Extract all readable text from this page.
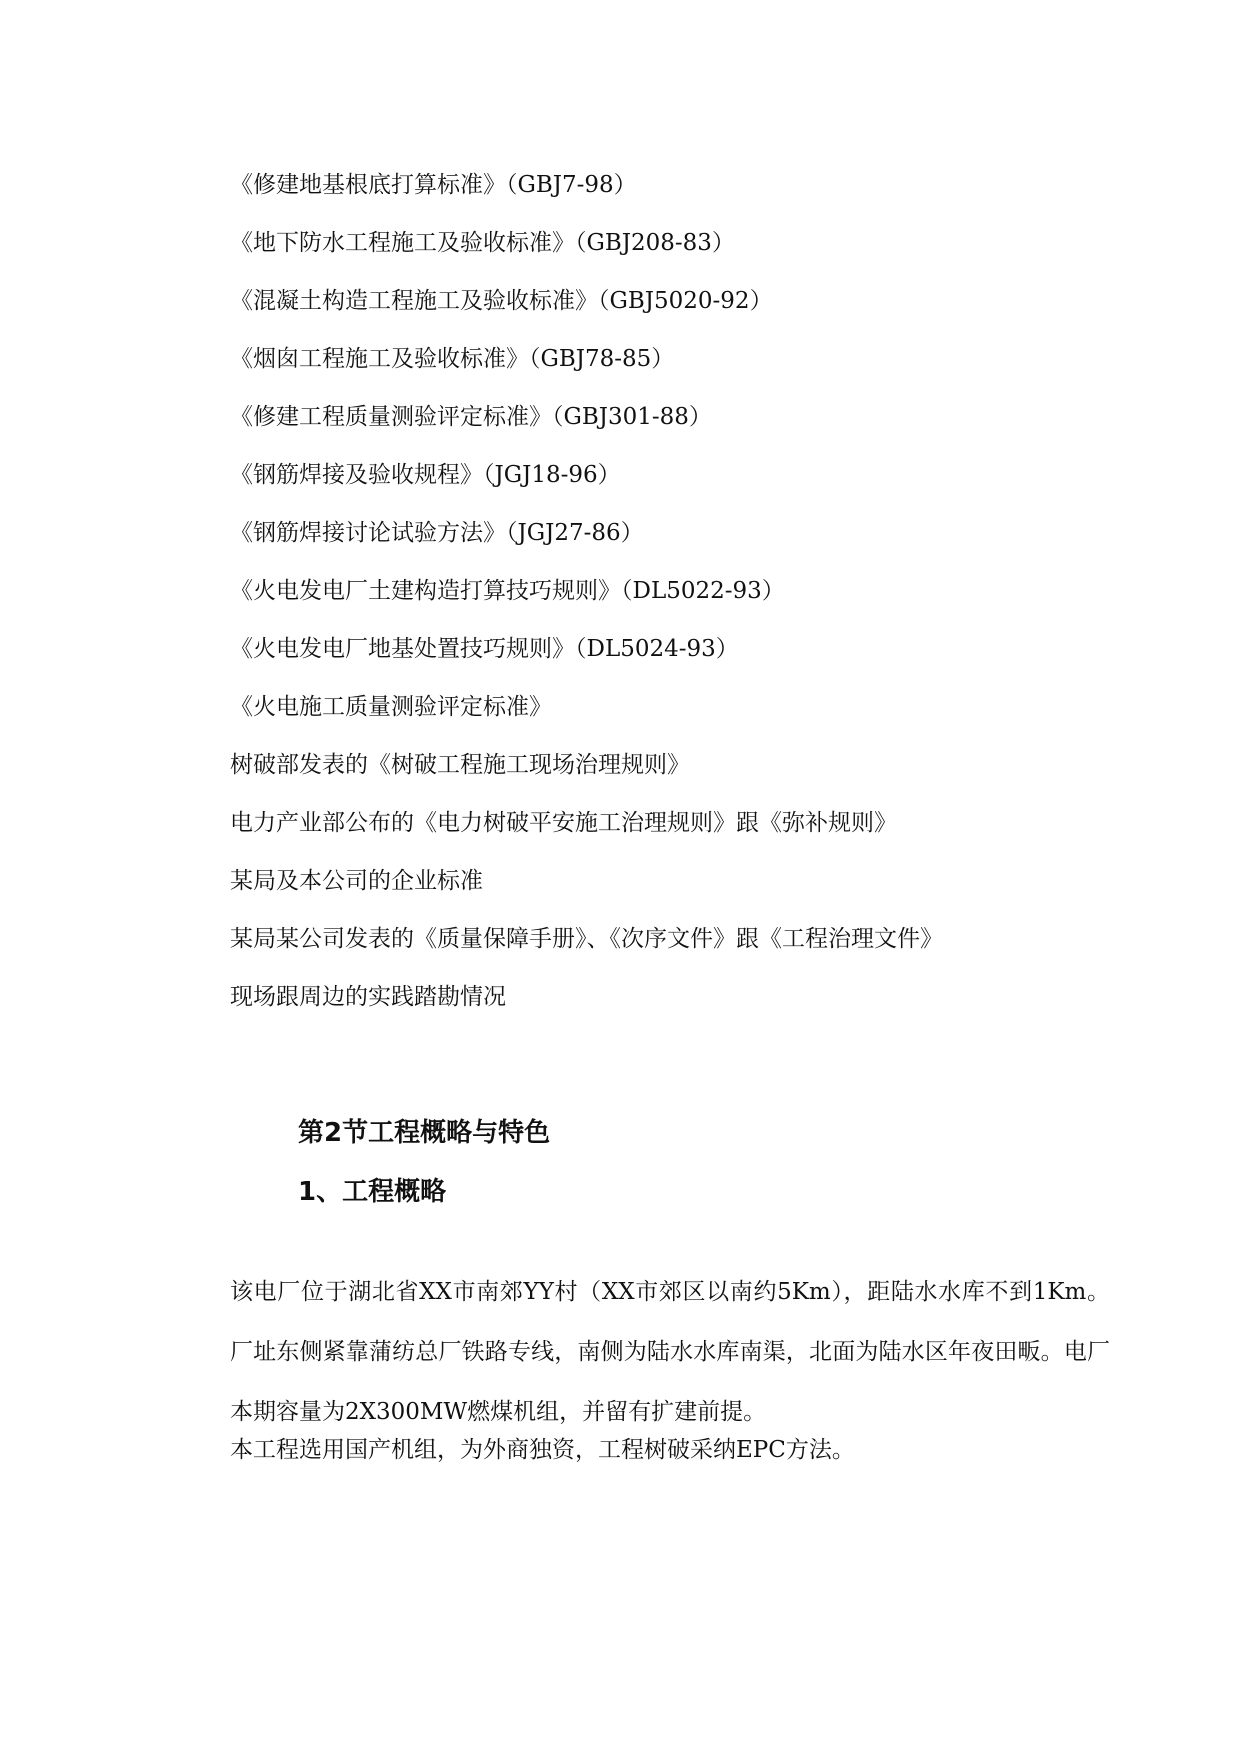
《修建地基根底打算标准》（GBJ7-98）
《地下防水工程施工及验收标准》（GBJ208-83）
《混凝土构造工程施工及验收标准》（GBJ5020-92）
《烟囱工程施工及验收标准》（GBJ78-85）
《修建工程质量测验评定标准》（GBJ301-88）
《钢筋焊接及验收规程》（JGJ18-96）
《钢筋焊接讨论试验方法》（JGJ27-86）
《火电发电厂土建构造打算技巧规则》（DL5022-93）
《火电发电厂地基处置技巧规则》（DL5024-93）
《火电施工质量测验评定标准》
树破部发表的《树破工程施工现场治理规则》
电力产业部公布的《电力树破平安施工治理规则》跟《弥补规则》
某局及本公司的企业标准
某局某公司发表的《质量保障手册》、《次序文件》跟《工程治理文件》
现场跟周边的实践踏勘情况
第2节工程概略与特色
1、工程概略

该电厂位于湖北省XX市南郊YY村（XX市郊区以南约5Km），距陆水水库不到1Km。厂址东侧紧靠蒲纺总厂铁路专线，南侧为陆水水库南渠，北面为陆水区年夜田畈。电厂本期容量为2X300MW燃煤机组，并留有扩建前提。

本工程选用国产机组，为外商独资，工程树破采纳EPC方法。
